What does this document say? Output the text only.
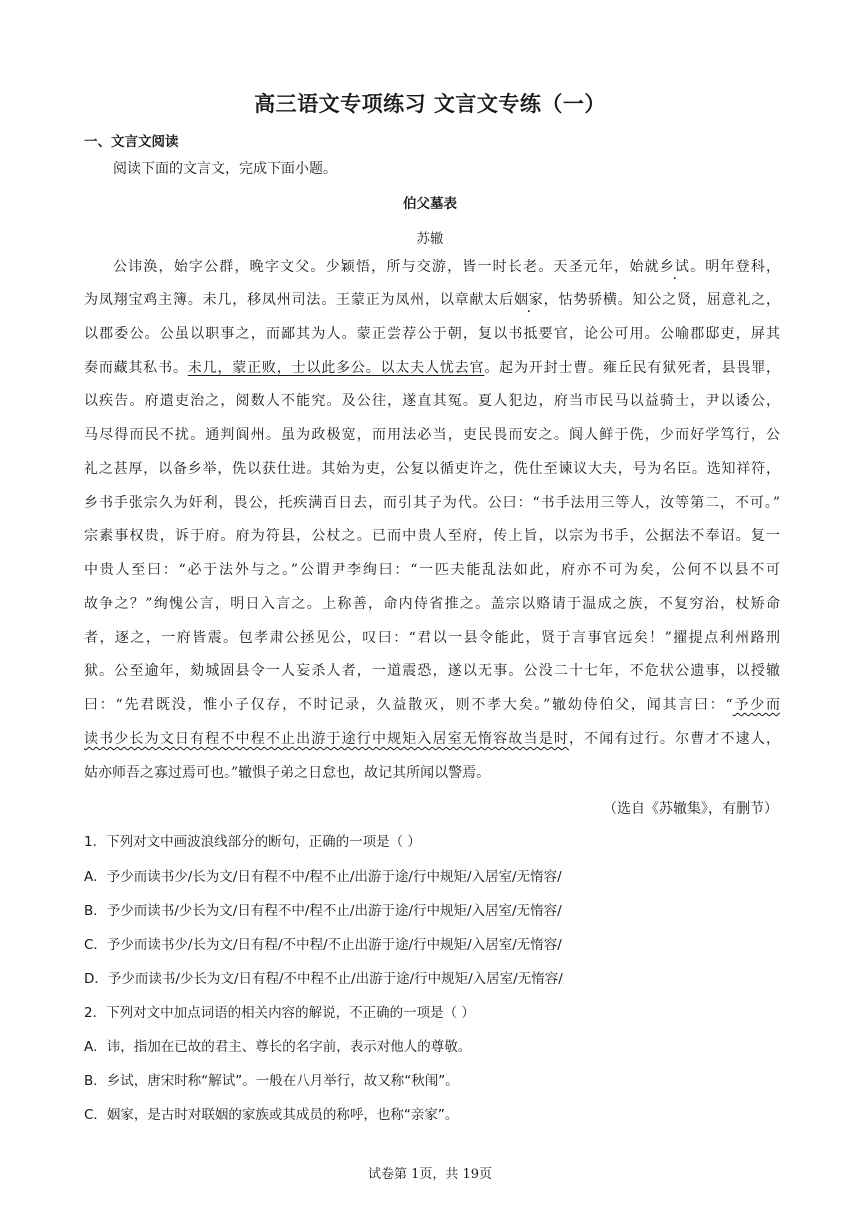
高三语文专项练习 文言文专练（一）
一、文言文阅读
阅读下面的文言文，完成下面小题。
伯父墓表
苏辙
公讳涣，始字公群，晚字文父。少颖悟，所与交游，皆一时长老。天圣元年，始就乡试。明年登科，
为凤翔宝鸡主簿。未几，移凤州司法。王蒙正为凤州，以章献太后姻家，怙势骄横。知公之贤，屈意礼之，
以郡委公。公虽以职事之，而鄙其为人。蒙正尝荐公于朝，复以书抵要官，论公可用。公喻郡邸吏，屏其
奏而藏其私书。未几，蒙正败，士以此多公。以太夫人忧去官。起为开封士曹。雍丘民有狱死者，县畏罪，
以疾告。府遣吏治之，阅数人不能究。及公往，遂直其冤。夏人犯边，府当市民马以益骑士，尹以诿公，
马尽得而民不扰。通判阆州。虽为政极宽，而用法必当，吏民畏而安之。阆人鲜于侁，少而好学笃行，公
礼之甚厚，以备乡举，侁以获仕进。其始为吏，公复以循吏许之，侁仕至谏议大夫，号为名臣。选知祥符，
乡书手张宗久为奸利，畏公，托疾满百日去，而引其子为代。公曰：“书手法用三等人，汝等第二，不可。”
宗素事权贵，诉于府。府为符县，公杖之。已而中贵人至府，传上旨，以宗为书手，公据法不奉诏。复一
中贵人至曰：“必于法外与之。”公谓尹李绚曰：“一匹夫能乱法如此，府亦不可为矣，公何不以县不可
故争之？”绚愧公言，明日入言之。上称善，命内侍省推之。盖宗以赂请于温成之族，不复穷治，杖矫命
者，逐之，一府皆震。包孝肃公拯见公，叹曰：“君以一县令能此，贤于言事官远矣！”擢提点利州路刑
狱。公至逾年，劾城固县令一人妄杀人者，一道震恐，遂以无事。公没二十七年，不危状公遗事，以授辙
曰：“先君既没，惟小子仅存，不时记录，久益散灭，则不孝大矣。”辙幼侍伯父，闻其言曰：“予少而
读书少长为文日有程不中程不止出游于途行中规矩入居室无惰容故当是时，不闻有过行。尔曹才不逮人，
姑亦师吾之寡过焉可也。”辙惧子弟之日怠也，故记其所闻以警焉。
（选自《苏辙集》，有删节）
1．下列对文中画波浪线部分的断句，正确的一项是（ ）
A．予少而读书少/长为文/日有程不中/程不止/出游于途/行中规矩/入居室/无惰容/
B．予少而读书/少长为文/日有程不中/程不止/出游于途/行中规矩/入居室/无惰容/
C．予少而读书少/长为文/日有程/不中程/不止出游于途/行中规矩/入居室/无惰容/
D．予少而读书/少长为文/日有程/不中程不止/出游于途/行中规矩/入居室/无惰容/
2．下列对文中加点词语的相关内容的解说，不正确的一项是（ ）
A．讳，指加在已故的君主、尊长的名字前，表示对他人的尊敬。
B．乡试，唐宋时称“解试”。一般在八月举行，故又称“秋闱”。
C．姻家，是古时对联姻的家族或其成员的称呼，也称“亲家”。
试卷第 1页，共 19页
